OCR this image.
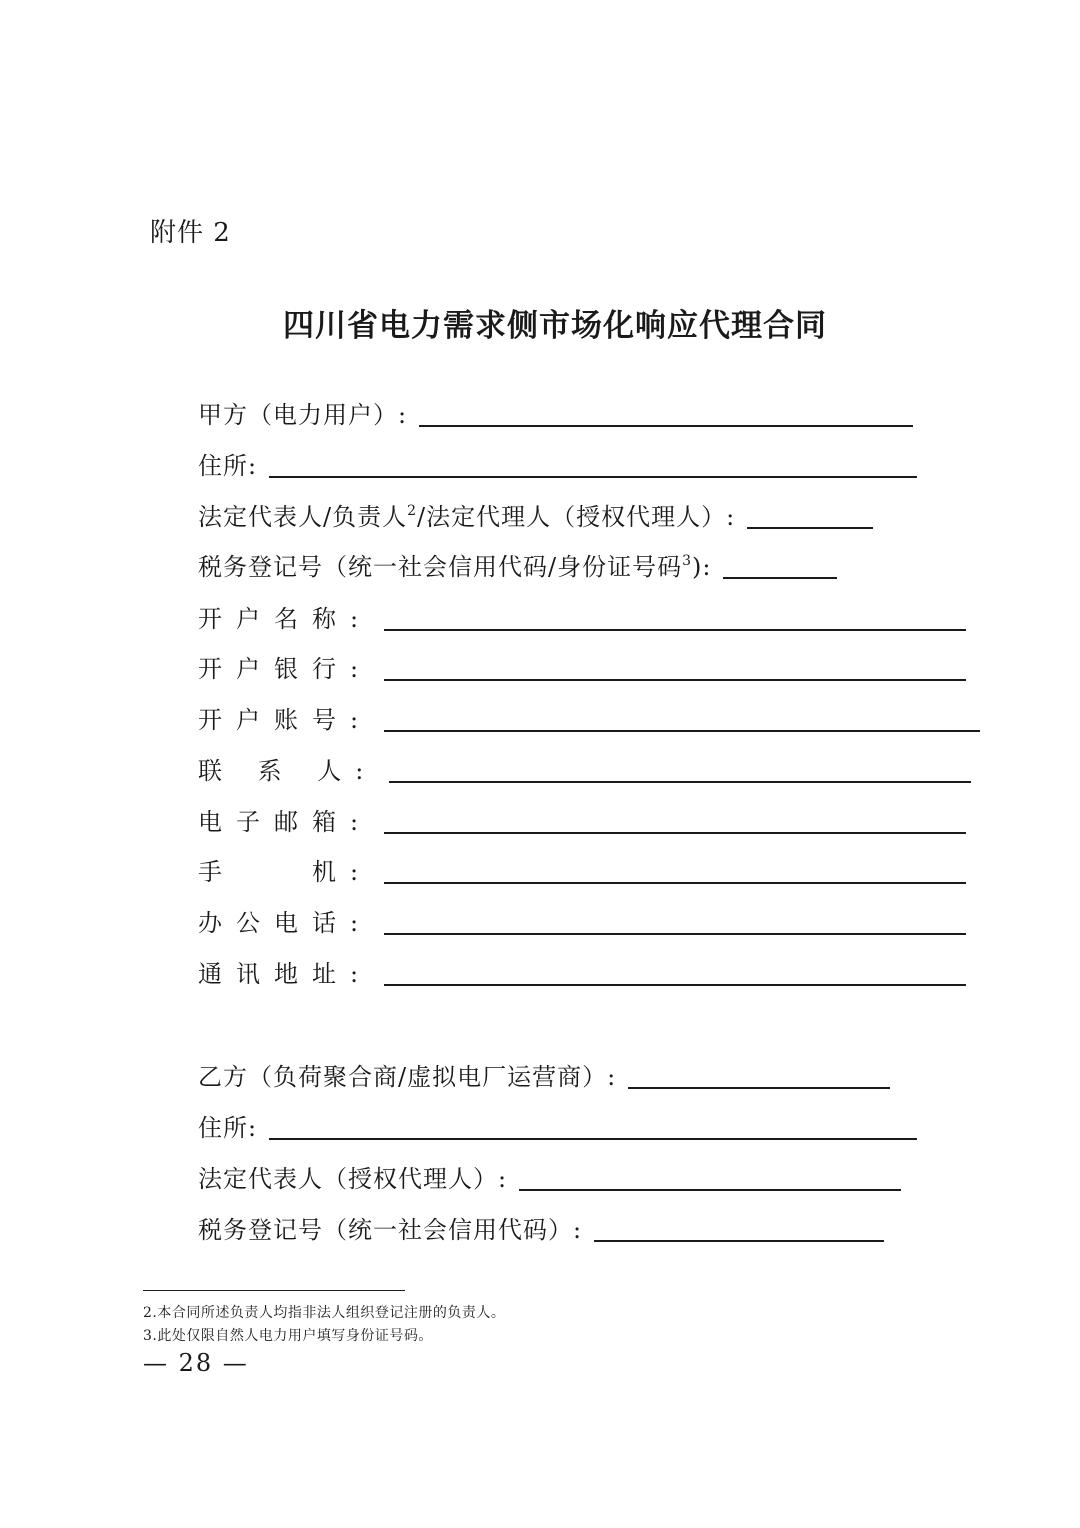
附件 2
四川省电力需求侧市场化响应代理合同
甲方（电力用户）:
住所:
法定代表人/负责人$^2$/法定代理人（授权代理人）:
税务登记号（统一社会信用代码/身份证号码$^3$):
开户名称:
开户银行:
开户账号:
联 系 人:
电子邮箱:
手　　机:
办公电话:
通讯地址:
乙方（负荷聚合商/虚拟电厂运营商）:
住所:
法定代表人（授权代理人）:
税务登记号（统一社会信用代码）:
2.本合同所述负责人均指非法人组织登记注册的负责人。
3.此处仅限自然人电力用户填写身份证号码。
— 28 —
